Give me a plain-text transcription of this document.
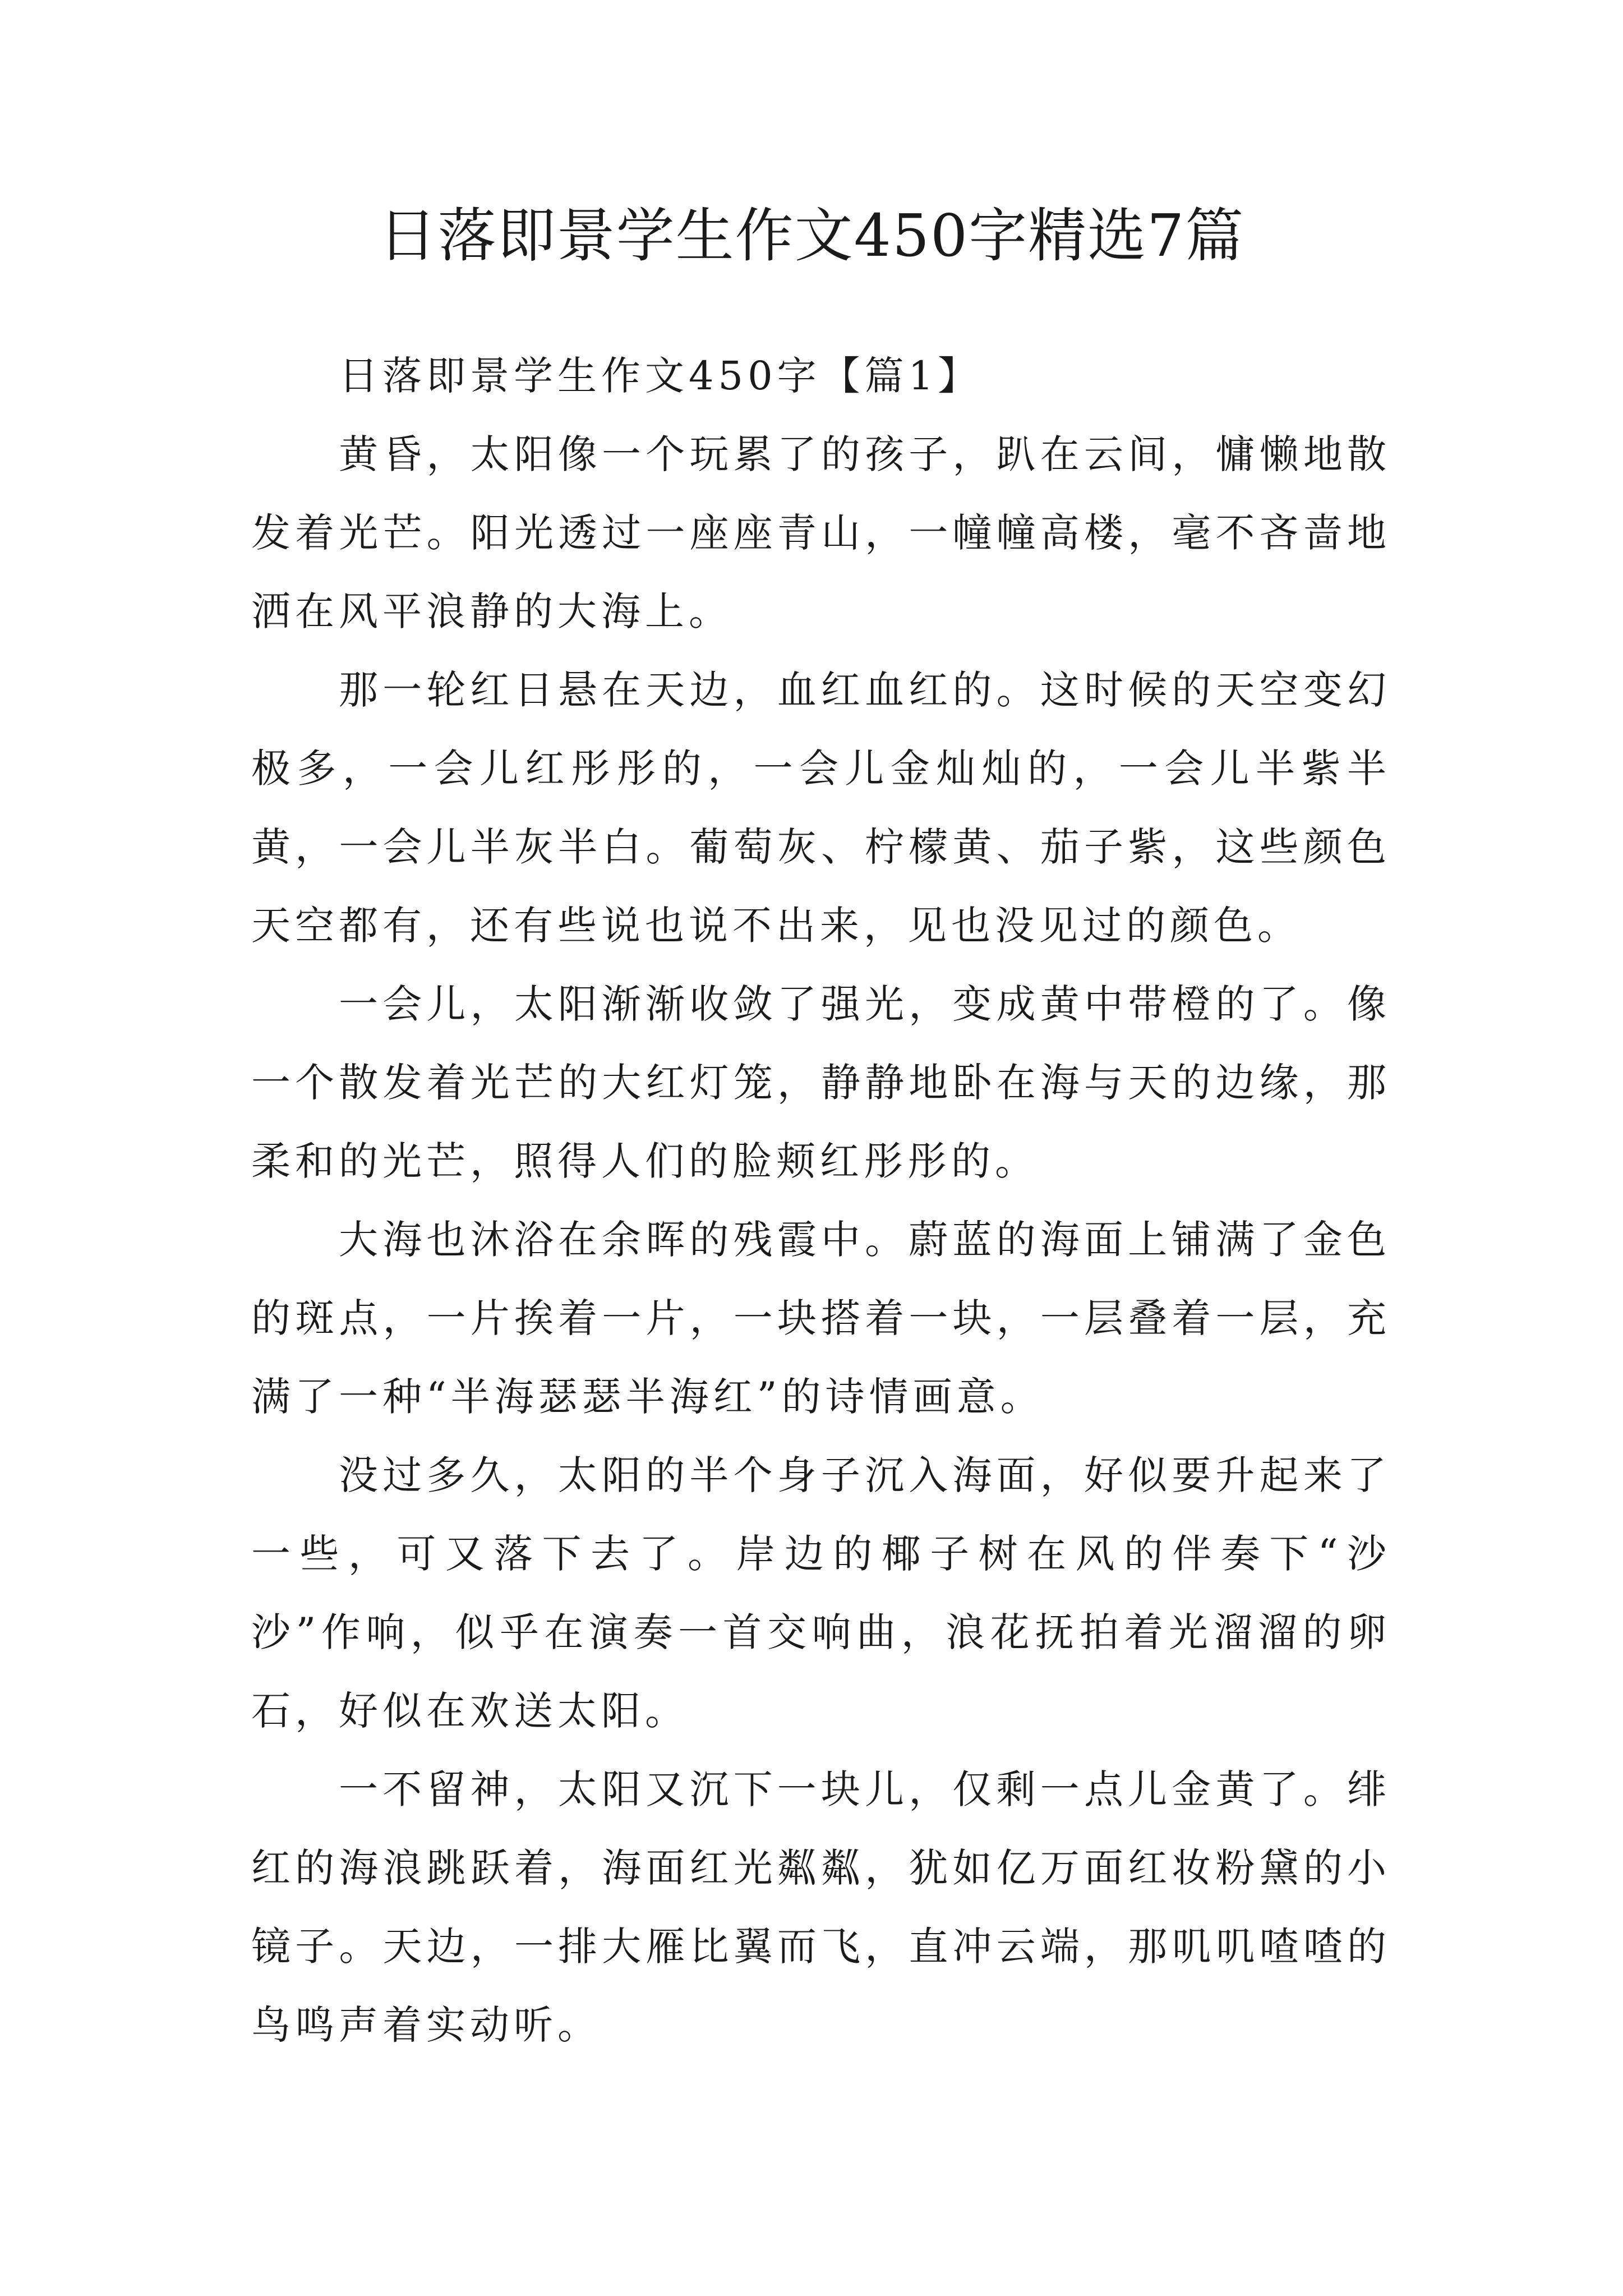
日落即景学生作文450字精选7篇

日落即景学生作文450字【篇1】

黄昏，太阳像一个玩累了的孩子，趴在云间，慵懒地散发着光芒。阳光透过一座座青山，一幢幢高楼，毫不吝啬地洒在风平浪静的大海上。

那一轮红日悬在天边，血红血红的。这时候的天空变幻极多，一会儿红彤彤的，一会儿金灿灿的，一会儿半紫半黄，一会儿半灰半白。葡萄灰、柠檬黄、茄子紫，这些颜色天空都有，还有些说也说不出来，见也没见过的颜色。

一会儿，太阳渐渐收敛了强光，变成黄中带橙的了。像一个散发着光芒的大红灯笼，静静地卧在海与天的边缘，那柔和的光芒，照得人们的脸颊红彤彤的。

大海也沐浴在余晖的残霞中。蔚蓝的海面上铺满了金色的斑点，一片挨着一片，一块搭着一块，一层叠着一层，充满了一种“半海瑟瑟半海红”的诗情画意。

没过多久，太阳的半个身子沉入海面，好似要升起来了一些，可又落下去了。岸边的椰子树在风的伴奏下“沙沙”作响，似乎在演奏一首交响曲，浪花抚拍着光溜溜的卵石，好似在欢送太阳。

一不留神，太阳又沉下一块儿，仅剩一点儿金黄了。绯红的海浪跳跃着，海面红光粼粼，犹如亿万面红妆粉黛的小镜子。天边，一排大雁比翼而飞，直冲云端，那叽叽喳喳的鸟鸣声着实动听。
